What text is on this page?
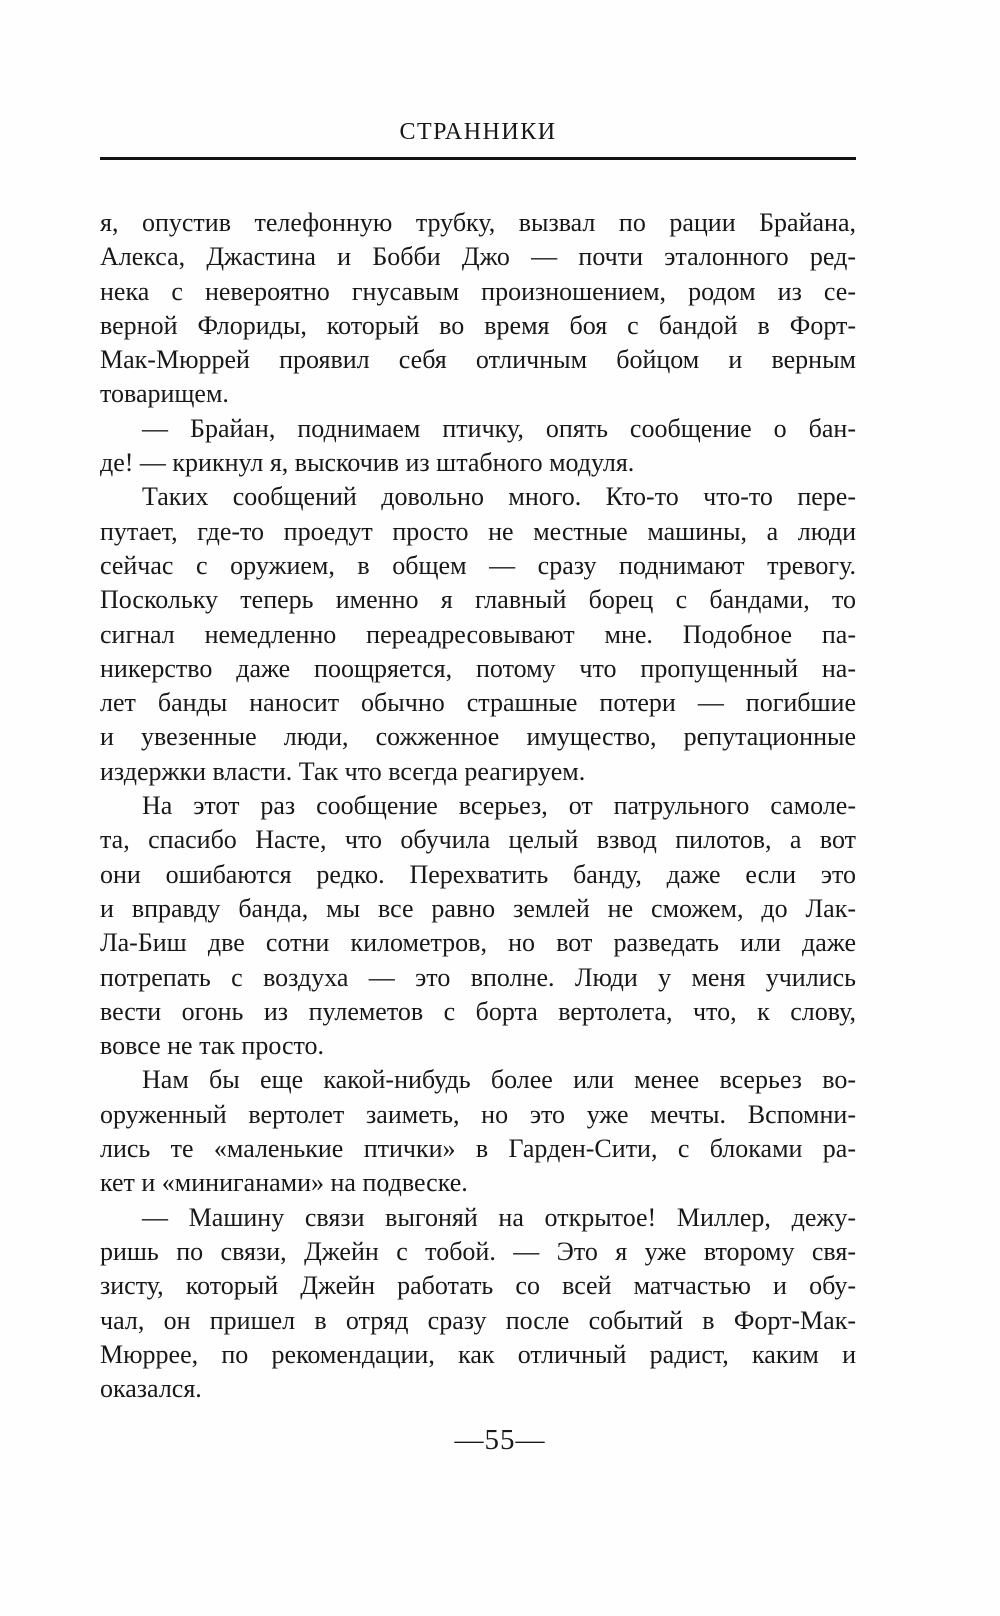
СТРАННИКИ
я, опустив телефонную трубку, вызвал по рации Брайана,
Алекса, Джастина и Бобби Джо — почти эталонного ред-
нека с невероятно гнусавым произношением, родом из се-
верной Флориды, который во время боя с бандой в Форт-
Мак-Мюррей проявил себя отличным бойцом и верным
товарищем.
— Брайан, поднимаем птичку, опять сообщение о бан-
де! — крикнул я, выскочив из штабного модуля.
Таких сообщений довольно много. Кто-то что-то пере-
путает, где-то проедут просто не местные машины, а люди
сейчас с оружием, в общем — сразу поднимают тревогу.
Поскольку теперь именно я главный борец с бандами, то
сигнал немедленно переадресовывают мне. Подобное па-
никерство даже поощряется, потому что пропущенный на-
лет банды наносит обычно страшные потери — погибшие
и увезенные люди, сожженное имущество, репутационные
издержки власти. Так что всегда реагируем.
На этот раз сообщение всерьез, от патрульного самоле-
та, спасибо Насте, что обучила целый взвод пилотов, а вот
они ошибаются редко. Перехватить банду, даже если это
и вправду банда, мы все равно землей не сможем, до Лак-
Ла-Биш две сотни километров, но вот разведать или даже
потрепать с воздуха — это вполне. Люди у меня учились
вести огонь из пулеметов с борта вертолета, что, к слову,
вовсе не так просто.
Нам бы еще какой-нибудь более или менее всерьез во-
оруженный вертолет заиметь, но это уже мечты. Вспомни-
лись те «маленькие птички» в Гарден-Сити, с блоками ра-
кет и «миниганами» на подвеске.
— Машину связи выгоняй на открытое! Миллер, дежу-
ришь по связи, Джейн с тобой. — Это я уже второму свя-
зисту, который Джейн работать со всей матчастью и обу-
чал, он пришел в отряд сразу после событий в Форт-Мак-
Мюррее, по рекомендации, как отличный радист, каким и
оказался.
—55—
